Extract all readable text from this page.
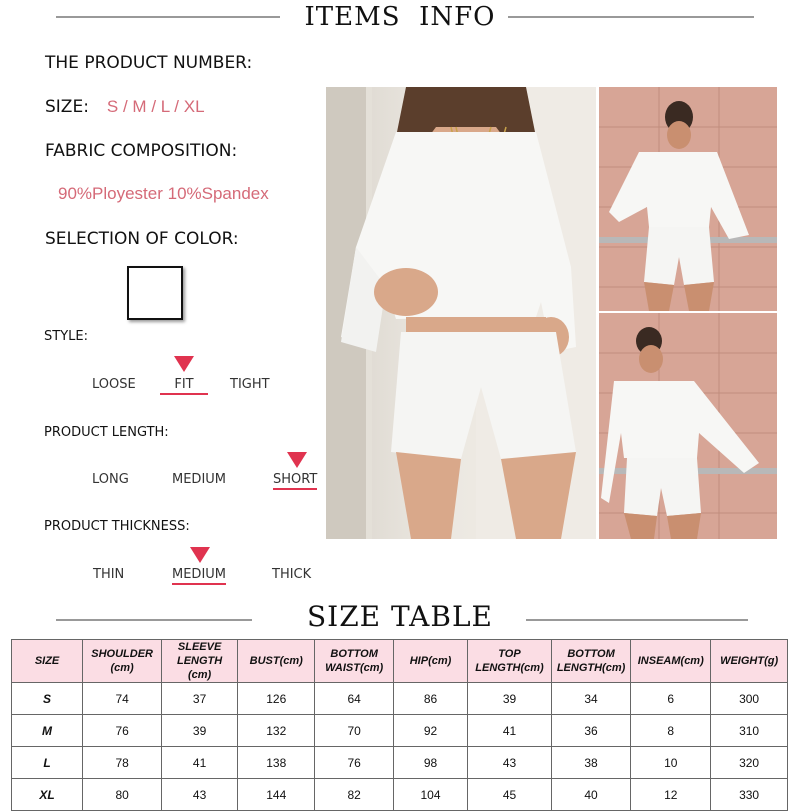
ITEMS  INFO
THE PRODUCT NUMBER:
SIZE: S / M / L / XL
FABRIC COMPOSITION:
90%Ployester 10%Spandex
SELECTION OF COLOR:
STYLE:
LOOSE	FIT	TIGHT
PRODUCT LENGTH:
LONG	MEDIUM	SHORT
PRODUCT THICKNESS:
THIN	MEDIUM	THICK
SIZE TABLE
SIZE	SHOULDER (cm)	SLEEVE LENGTH (cm)	BUST(cm)	BOTTOM WAIST(cm)	HIP(cm)	TOP LENGTH(cm)	BOTTOM LENGTH(cm)	INSEAM(cm)	WEIGHT(g)
S	74	37	126	64	86	39	34	6	300
M	76	39	132	70	92	41	36	8	310
L	78	41	138	76	98	43	38	10	320
XL	80	43	144	82	104	45	40	12	330
